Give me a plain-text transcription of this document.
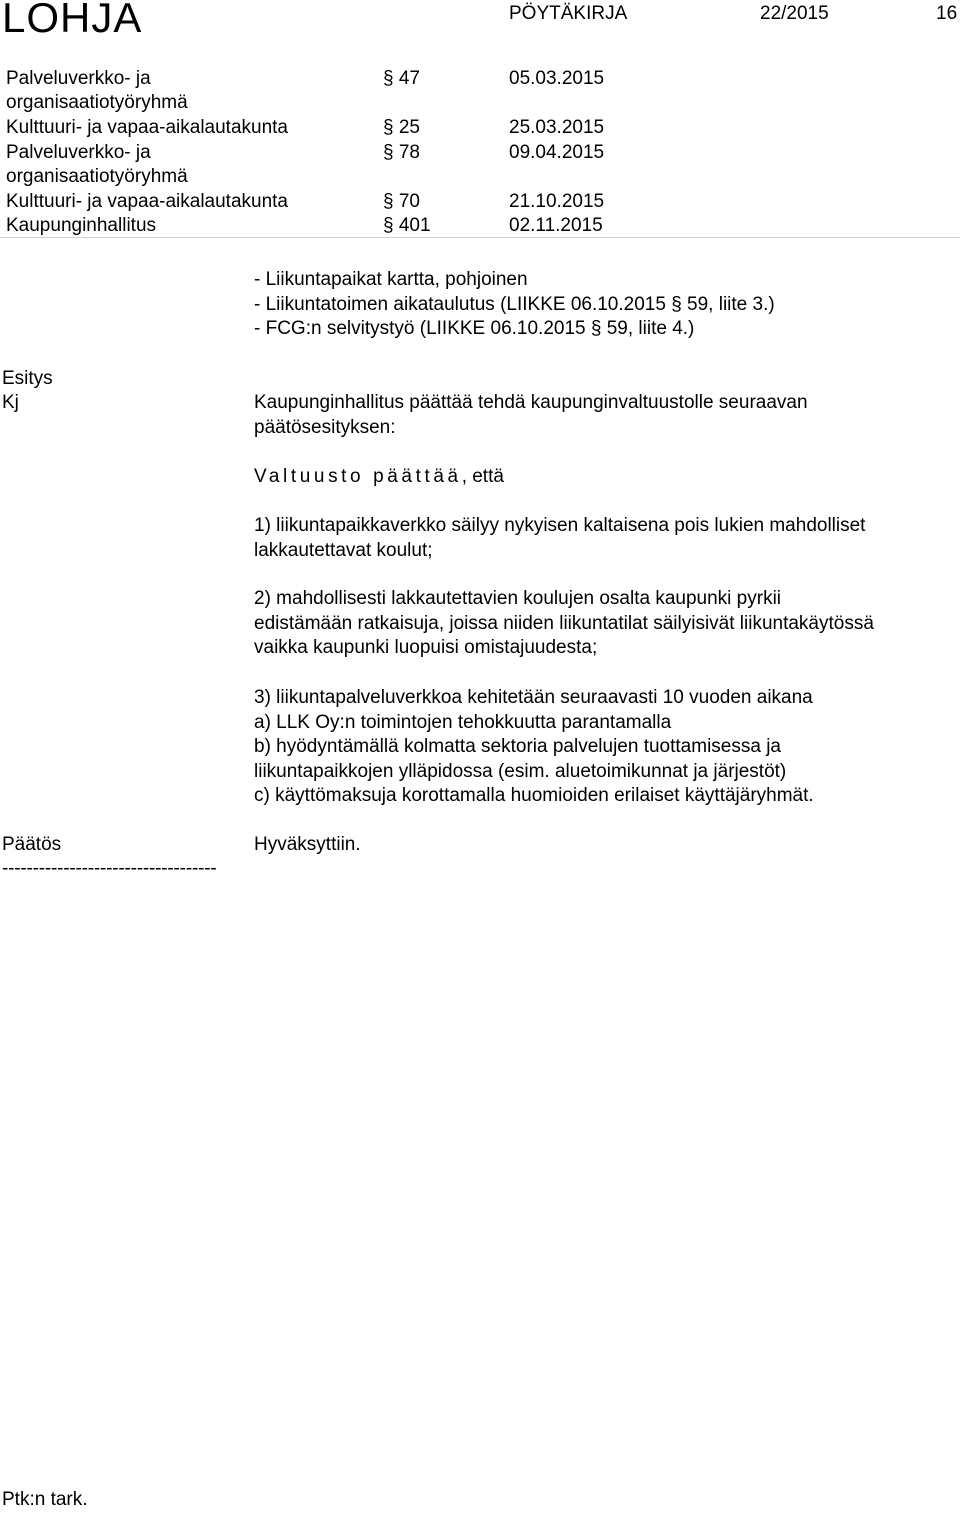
LOHJA	PÖYTÄKIRJA	22/2015	16
Palveluverkko- ja
organisaatiotyöryhmä
§ 47	05.03.2015
Kulttuuri- ja vapaa-aikalautakunta	§ 25	25.03.2015
Palveluverkko- ja
organisaatiotyöryhmä
§ 78	09.04.2015
Kulttuuri- ja vapaa-aikalautakunta	§ 70	21.10.2015
Kaupunginhallitus	§ 401	02.11.2015

- Liikuntapaikat kartta, pohjoinen

- Liikuntatoimen aikataulutus (LIIKKE 06.10.2015 § 59, liite 3.)

- FCG:n selvitystyö (LIIKKE 06.10.2015 § 59, liite 4.)

Esitys
Kj	Kaupunginhallitus päättää tehdä kaupunginvaltuustolle seuraavan

päätösesityksen:

Valtuusto päättää, että

1) liikuntapaikkaverkko säilyy nykyisen kaltaisena pois lukien mahdolliset

lakkautettavat koulut;

2) mahdollisesti lakkautettavien koulujen osalta kaupunki pyrkii

edistämään ratkaisuja, joissa niiden liikuntatilat säilyisivät liikuntakäytössä

vaikka kaupunki luopuisi omistajuudesta;

3) liikuntapalveluverkkoa kehitetään seuraavasti 10 vuoden aikana

a) LLK Oy:n toimintojen tehokkuutta parantamalla

b) hyödyntämällä kolmatta sektoria palvelujen tuottamisessa ja

liikuntapaikkojen ylläpidossa (esim. aluetoimikunnat ja järjestöt)

c) käyttömaksuja korottamalla huomioiden erilaiset käyttäjäryhmät.

Päätös	Hyväksyttiin.
-----------------------------------
Ptk:n tark.
